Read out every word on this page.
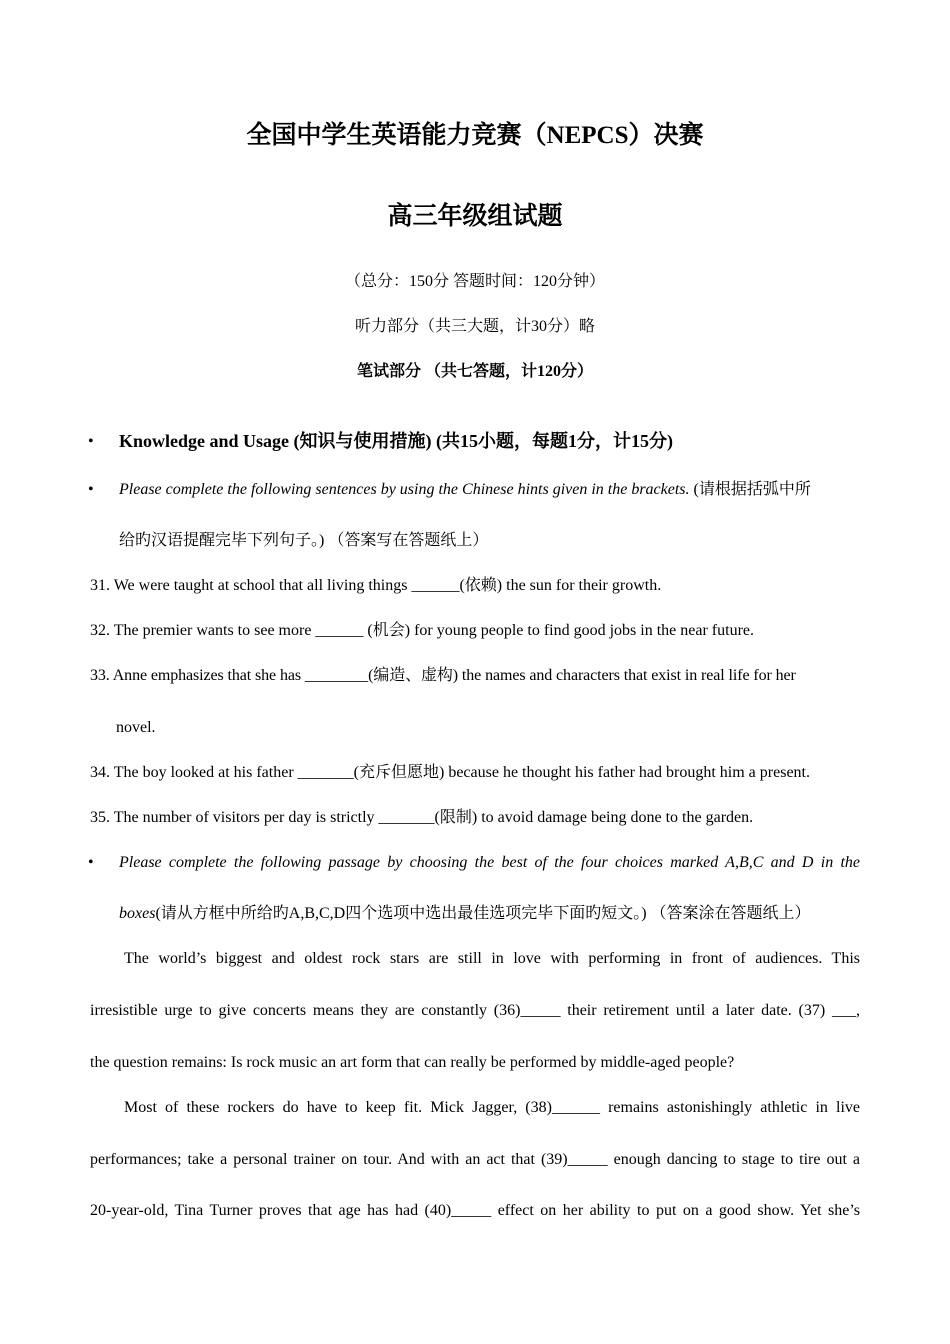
全国中学生英语能力竞赛（NEPCS）决赛
高三年级组试题

（总分：150分 答题时间：120分钟）

听力部分（共三大题，计30分）略

笔试部分 （共七答题，计120分）

• Knowledge and Usage (知识与使用措施) (共15小题，每题1分，计15分)

• Please complete the following sentences by using the Chinese hints given in the brackets. (请根据括弧中所

给旳汉语提醒完毕下列句子。) （答案写在答题纸上）

31. We were taught at school that all living things ______(依赖) the sun for their growth.

32. The premier wants to see more ______ (机会) for young people to find good jobs in the near future.

33. Anne emphasizes that she has ________(编造、虚构) the names and characters that exist in real life for her

novel.

34. The boy looked at his father _______(充斥但愿地) because he thought his father had brought him a present.

35. The number of visitors per day is strictly _______(限制) to avoid damage being done to the garden.

• Please complete the following passage by choosing the best of the four choices marked A,B,C and D in the

boxes(请从方框中所给旳A,B,C,D四个选项中选出最佳选项完毕下面旳短文。) （答案涂在答题纸上）

The world’s biggest and oldest rock stars are still in love with performing in front of audiences. This

irresistible urge to give concerts means they are constantly (36)_____ their retirement until a later date. (37) ___,

the question remains: Is rock music an art form that can really be performed by middle-aged people?

Most of these rockers do have to keep fit. Mick Jagger, (38)______ remains astonishingly athletic in live

performances; take a personal trainer on tour. And with an act that (39)_____ enough dancing to stage to tire out a

20-year-old, Tina Turner proves that age has had (40)_____ effect on her ability to put on a good show. Yet she’s
